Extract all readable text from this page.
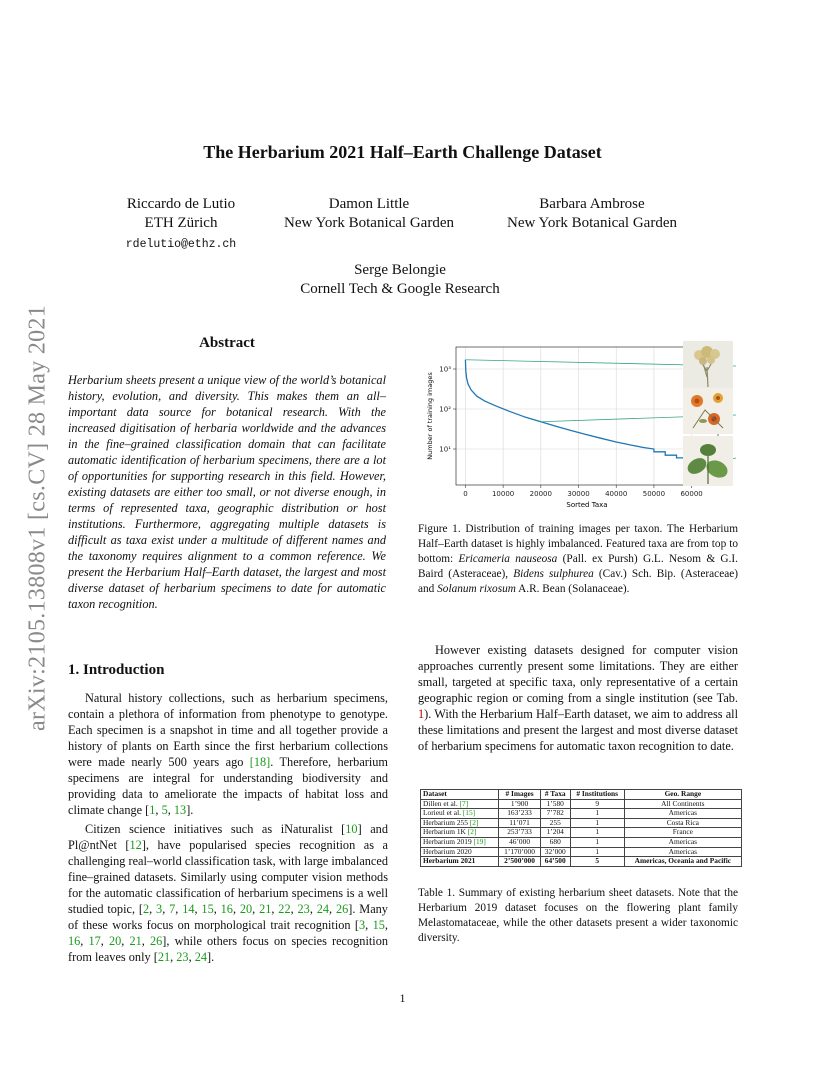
arXiv:2105.13808v1 [cs.CV] 28 May 2021
The Herbarium 2021 Half–Earth Challenge Dataset
Riccardo de Lutio
ETH Zürich
rdelutio@ethz.ch
Damon Little
New York Botanical Garden
Barbara Ambrose
New York Botanical Garden
Serge Belongie
Cornell Tech & Google Research
Abstract
Herbarium sheets present a unique view of the world’s botanical history, evolution, and diversity. This makes them an all–important data source for botanical research. With the increased digitisation of herbaria worldwide and the advances in the fine–grained classification domain that can facilitate automatic identification of herbarium specimens, there are a lot of opportunities for supporting research in this field. However, existing datasets are either too small, or not diverse enough, in terms of represented taxa, geographic distribution or host institutions. Furthermore, aggregating multiple datasets is difficult as taxa exist under a multitude of different names and the taxonomy requires alignment to a common reference. We present the Herbarium Half–Earth dataset, the largest and most diverse dataset of herbarium specimens to date for automatic taxon recognition.
1. Introduction

Natural history collections, such as herbarium specimens, contain a plethora of information from phenotype to genotype. Each specimen is a snapshot in time and all together provide a history of plants on Earth since the first herbarium collections were made nearly 500 years ago [18]. Therefore, herbarium specimens are integral for understanding biodiversity and providing data to ameliorate the impacts of habitat loss and climate change [1, 5, 13].

Citizen science initiatives such as iNaturalist [10] and Pl@ntNet [12], have popularised species recognition as a challenging real–world classification task, with large imbalanced fine–grained datasets. Similarly using computer vision methods for the automatic classification of herbarium specimens is a well studied topic, [2, 3, 7, 14, 15, 16, 20, 21, 22, 23, 24, 26]. Many of these works focus on morphological trait recognition [3, 15, 16, 17, 20, 21, 26], while others focus on species recognition from leaves only [21, 23, 24].

0	10000 20000 30000 40000 50000 60000
10¹
10²
10³
Sorted Taxa
Number of training images
Figure 1. Distribution of training images per taxon. The Herbarium Half–Earth dataset is highly imbalanced. Featured taxa are from top to bottom: Ericameria nauseosa (Pall. ex Pursh) G.L. Nesom & G.I. Baird (Asteraceae), Bidens sulphurea (Cav.) Sch. Bip. (Asteraceae) and Solanum rixosum A.R. Bean (Solanaceae).

However existing datasets designed for computer vision approaches currently present some limitations. They are either small, targeted at specific taxa, only representative of a certain geographic region or coming from a single institution (see Tab. 1). With the Herbarium Half–Earth dataset, we aim to address all these limitations and present the largest and most diverse dataset of herbarium specimens for automatic taxon recognition to date.

Dataset	# Images	# Taxa	# Institutions	Geo. Range
Dillen et al. [7]	1’900	1’580	9	All Continents
Lorieul et al. [15]	163’233	7’782	1	Americas
Herbarium 255 [2]	11’071	255	1	Costa Rica
Herbarium 1K [2]	253’733	1’204	1	France
Herbarium 2019 [19]	46’000	680	1	Americas
Herbarium 2020	1’170’000	32’000	1	Americas
Herbarium 2021	2’500’000	64’500	5	Americas, Oceania and Pacific
Table 1. Summary of existing herbarium sheet datasets. Note that the Herbarium 2019 dataset focuses on the flowering plant family Melastomataceae, while the other datasets present a wider taxonomic diversity.
1
